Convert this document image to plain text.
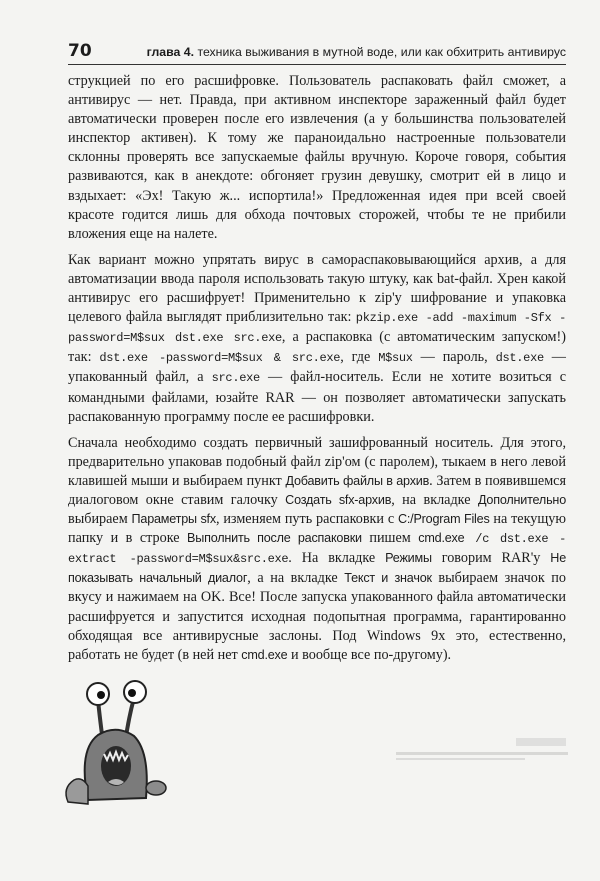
70	глава 4. техника выживания в мутной воде, или как обхитрить антивирус

струкцией по его расшифровке. Пользователь распаковать файл сможет, а антивирус — нет. Правда, при активном инспекторе зараженный файл будет автоматически проверен после его извлечения (а у большинства пользователей инспектор активен). К тому же параноидально настроенные пользователи склонны проверять все запускаемые файлы вручную. Короче говоря, события развиваются, как в анекдоте: обгоняет грузин девушку, смотрит ей в лицо и вздыхает: «Эх! Такую ж... испортила!» Предложенная идея при всей своей красоте годится лишь для обхода почтовых сторожей, чтобы те не прибили вложения еще на налете.

Как вариант можно упрятать вирус в самораспаковывающийся архив, а для автоматизации ввода пароля использовать такую штуку, как bat-файл. Хрен какой антивирус его расшифрует! Применительно к zip'у шифрование и упаковка целевого файла выглядят приблизительно так: pkzip.exe -add -maximum -Sfx -password=M$sux dst.exe src.exe, а распаковка (с автоматическим запуском!) так: dst.exe -password=M$sux & src.exe, где M$sux — пароль, dst.exe — упакованный файл, а src.exe — файл-носитель. Если не хотите возиться с командными файлами, юзайте RAR — он позволяет автоматически запускать распакованную программу после ее расшифровки.

Сначала необходимо создать первичный зашифрованный носитель. Для этого, предварительно упаковав подобный файл zip'ом (с паролем), тыкаем в него левой клавишей мыши и выбираем пункт Добавить файлы в архив. Затем в появившемся диалоговом окне ставим галочку Создать sfx-архив, на вкладке Дополнительно выбираем Параметры sfx, изменяем путь распаковки с C:/Program Files на текущую папку и в строке Выполнить после распаковки пишем cmd.exe /c dst.exe -extract -password=M$sux&src.exe. На вкладке Режимы говорим RAR'у Не показывать начальный диалог, а на вкладке Текст и значок выбираем значок по вкусу и нажимаем на OK. Все! После запуска упакованного файла автоматически расшифруется и запустится исходная подопытная программа, гарантированно обходящая все антивирусные заслоны. Под Windows 9x это, естественно, работать не будет (в ней нет cmd.exe и вообще все по-другому).
